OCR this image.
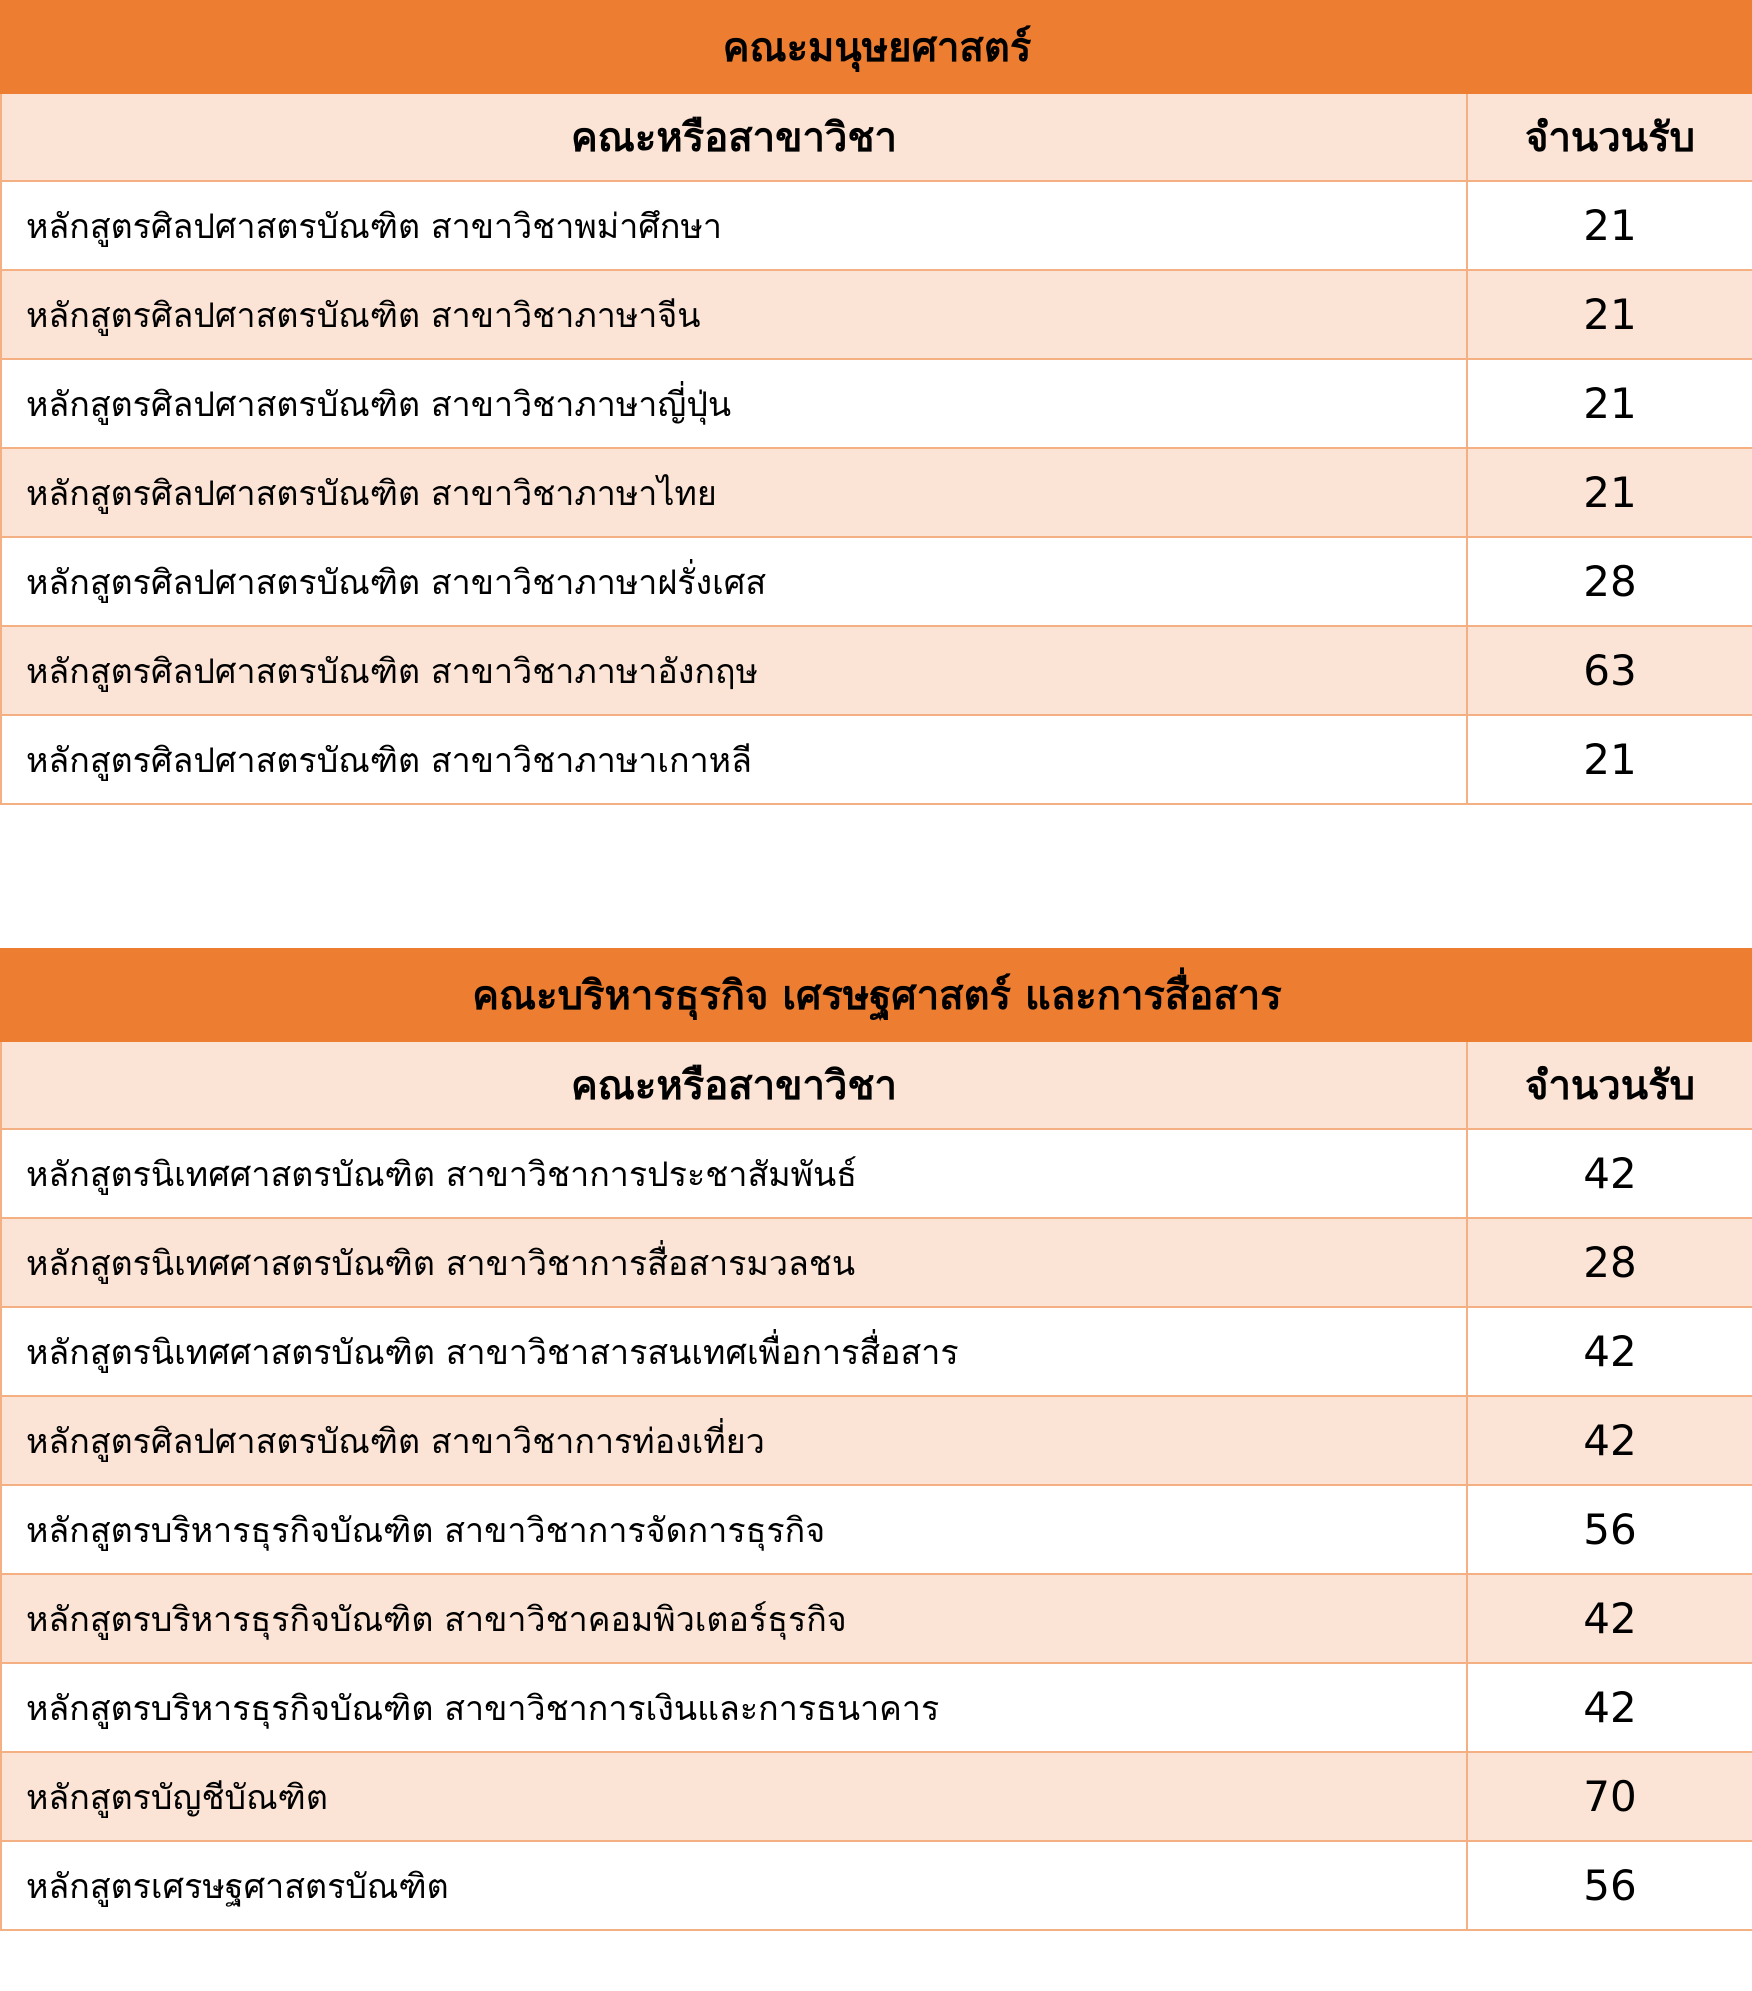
คณะมนุษยศาสตร์	
คณะหรือสาขาวิชา	จำนวนรับ
หลักสูตรศิลปศาสตรบัณฑิต สาขาวิชาพม่าศึกษา	21
หลักสูตรศิลปศาสตรบัณฑิต สาขาวิชาภาษาจีน	21
หลักสูตรศิลปศาสตรบัณฑิต สาขาวิชาภาษาญี่ปุ่น	21
หลักสูตรศิลปศาสตรบัณฑิต สาขาวิชาภาษาไทย	21
หลักสูตรศิลปศาสตรบัณฑิต สาขาวิชาภาษาฝรั่งเศส	28
หลักสูตรศิลปศาสตรบัณฑิต สาขาวิชาภาษาอังกฤษ	63
หลักสูตรศิลปศาสตรบัณฑิต สาขาวิชาภาษาเกาหลี	21
คณะบริหารธุรกิจ เศรษฐศาสตร์ และการสื่อสาร	
คณะหรือสาขาวิชา	จำนวนรับ
หลักสูตรนิเทศศาสตรบัณฑิต สาขาวิชาการประชาสัมพันธ์	42
หลักสูตรนิเทศศาสตรบัณฑิต สาขาวิชาการสื่อสารมวลชน	28
หลักสูตรนิเทศศาสตรบัณฑิต สาขาวิชาสารสนเทศเพื่อการสื่อสาร	42
หลักสูตรศิลปศาสตรบัณฑิต สาขาวิชาการท่องเที่ยว	42
หลักสูตรบริหารธุรกิจบัณฑิต สาขาวิชาการจัดการธุรกิจ	56
หลักสูตรบริหารธุรกิจบัณฑิต สาขาวิชาคอมพิวเตอร์ธุรกิจ	42
หลักสูตรบริหารธุรกิจบัณฑิต สาขาวิชาการเงินและการธนาคาร	42
หลักสูตรบัญชีบัณฑิต	70
หลักสูตรเศรษฐศาสตรบัณฑิต	56
